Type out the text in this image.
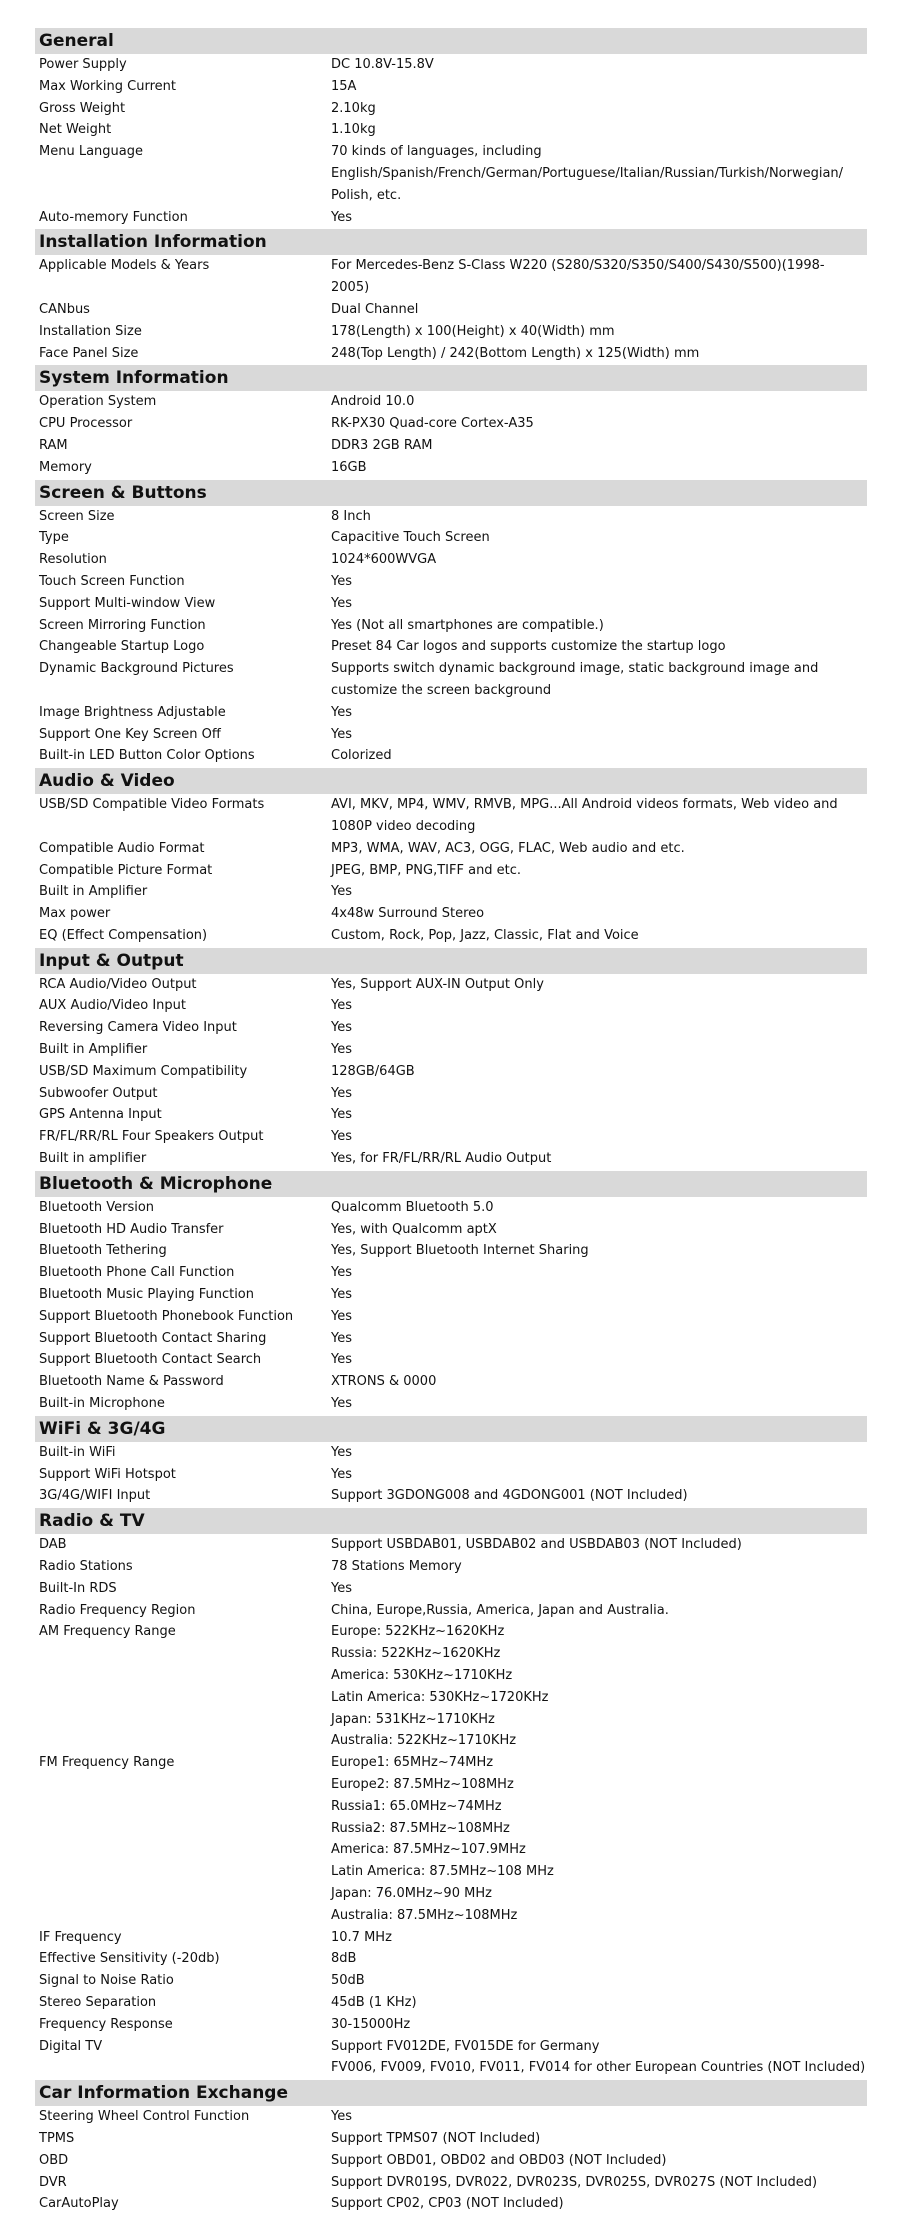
General
Power Supply	DC 10.8V-15.8V
Max Working Current	15A
Gross Weight	2.10kg
Net Weight	1.10kg
Menu Language	70 kinds of languages, including
English/Spanish/French/German/Portuguese/Italian/Russian/Turkish/Norwegian/
Polish, etc.
Auto-memory Function	Yes
Installation Information
Applicable Models & Years	For Mercedes-Benz S-Class W220 (S280/S320/S350/S400/S430/S500)(1998-
2005)
CANbus	Dual Channel
Installation Size	178(Length) x 100(Height) x 40(Width) mm
Face Panel Size	248(Top Length) / 242(Bottom Length) x 125(Width) mm
System Information
Operation System	Android 10.0
CPU Processor	RK-PX30 Quad-core Cortex-A35
RAM	DDR3 2GB RAM
Memory	16GB
Screen & Buttons
Screen Size	8 Inch
Type	Capacitive Touch Screen
Resolution	1024*600WVGA
Touch Screen Function	Yes
Support Multi-window View	Yes
Screen Mirroring Function	Yes (Not all smartphones are compatible.)
Changeable Startup Logo	Preset 84 Car logos and supports customize the startup logo
Dynamic Background Pictures	Supports switch dynamic background image, static background image and
customize the screen background
Image Brightness Adjustable	Yes
Support One Key Screen Off	Yes
Built-in LED Button Color Options	Colorized
Audio & Video
USB/SD Compatible Video Formats	AVI, MKV, MP4, WMV, RMVB, MPG...All Android videos formats, Web video and
1080P video decoding
Compatible Audio Format	MP3, WMA, WAV, AC3, OGG, FLAC, Web audio and etc.
Compatible Picture Format	JPEG, BMP, PNG,TIFF and etc.
Built in Amplifier	Yes
Max power	4x48w Surround Stereo
EQ (Effect Compensation)	Custom, Rock, Pop, Jazz, Classic, Flat and Voice
Input & Output
RCA Audio/Video Output	Yes, Support AUX-IN Output Only
AUX Audio/Video Input	Yes
Reversing Camera Video Input	Yes
Built in Amplifier	Yes
USB/SD Maximum Compatibility	128GB/64GB
Subwoofer Output	Yes
GPS Antenna Input	Yes
FR/FL/RR/RL Four Speakers Output	Yes
Built in amplifier	Yes, for FR/FL/RR/RL Audio Output
Bluetooth & Microphone
Bluetooth Version	Qualcomm Bluetooth 5.0
Bluetooth HD Audio Transfer	Yes, with Qualcomm aptX
Bluetooth Tethering	Yes, Support Bluetooth Internet Sharing
Bluetooth Phone Call Function	Yes
Bluetooth Music Playing Function	Yes
Support Bluetooth Phonebook Function	Yes
Support Bluetooth Contact Sharing	Yes
Support Bluetooth Contact Search	Yes
Bluetooth Name & Password	XTRONS & 0000
Built-in Microphone	Yes
WiFi & 3G/4G
Built-in WiFi	Yes
Support WiFi Hotspot	Yes
3G/4G/WIFI Input	Support 3GDONG008 and 4GDONG001 (NOT Included)
Radio & TV
DAB	Support USBDAB01, USBDAB02 and USBDAB03 (NOT Included)
Radio Stations	78 Stations Memory
Built-In RDS	Yes
Radio Frequency Region	China, Europe,Russia, America, Japan and Australia.
AM Frequency Range	Europe: 522KHz~1620KHz
Russia: 522KHz~1620KHz
America: 530KHz~1710KHz
Latin America: 530KHz~1720KHz
Japan: 531KHz~1710KHz
Australia: 522KHz~1710KHz
FM Frequency Range	Europe1: 65MHz~74MHz
Europe2: 87.5MHz~108MHz
Russia1: 65.0MHz~74MHz
Russia2: 87.5MHz~108MHz
America: 87.5MHz~107.9MHz
Latin America: 87.5MHz~108 MHz
Japan: 76.0MHz~90 MHz
Australia: 87.5MHz~108MHz
IF Frequency	10.7 MHz
Effective Sensitivity (-20db)	8dB
Signal to Noise Ratio	50dB
Stereo Separation	45dB (1 KHz)
Frequency Response	30-15000Hz
Digital TV	Support FV012DE, FV015DE for Germany
FV006, FV009, FV010, FV011, FV014 for other European Countries (NOT Included)
Car Information Exchange
Steering Wheel Control Function	Yes
TPMS	Support TPMS07 (NOT Included)
OBD	Support OBD01, OBD02 and OBD03 (NOT Included)
DVR	Support DVR019S, DVR022, DVR023S, DVR025S, DVR027S (NOT Included)
CarAutoPlay	Support CP02, CP03 (NOT Included)
